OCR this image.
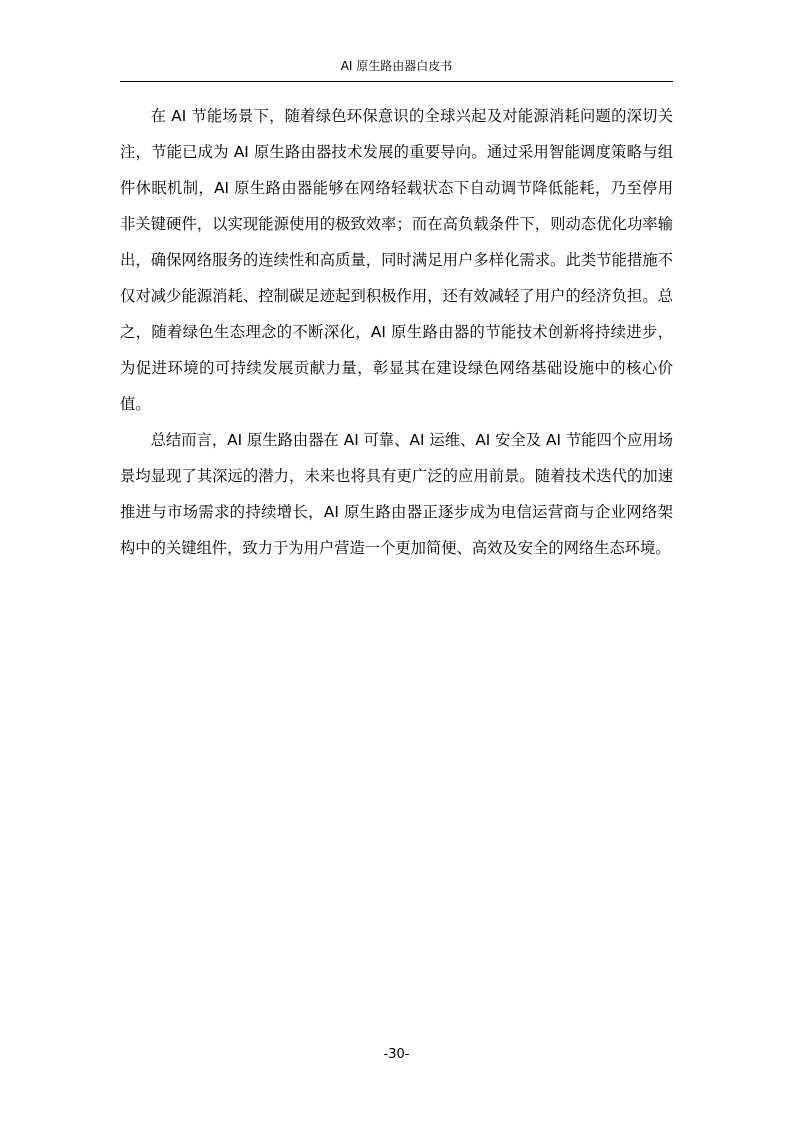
AI 原生路由器白皮书

在 AI 节能场景下，随着绿色环保意识的全球兴起及对能源消耗问题的深切关注，节能已成为 AI 原生路由器技术发展的重要导向。通过采用智能调度策略与组件休眠机制，AI 原生路由器能够在网络轻载状态下自动调节降低能耗，乃至停用非关键硬件，以实现能源使用的极致效率；而在高负载条件下，则动态优化功率输出，确保网络服务的连续性和高质量，同时满足用户多样化需求。此类节能措施不仅对减少能源消耗、控制碳足迹起到积极作用，还有效减轻了用户的经济负担。总之，随着绿色生态理念的不断深化，AI 原生路由器的节能技术创新将持续进步，为促进环境的可持续发展贡献力量，彰显其在建设绿色网络基础设施中的核心价值。

总结而言，AI 原生路由器在 AI 可靠、AI 运维、AI 安全及 AI 节能四个应用场景均显现了其深远的潜力，未来也将具有更广泛的应用前景。随着技术迭代的加速推进与市场需求的持续增长，AI 原生路由器正逐步成为电信运营商与企业网络架构中的关键组件，致力于为用户营造一个更加简便、高效及安全的网络生态环境。

-30-
